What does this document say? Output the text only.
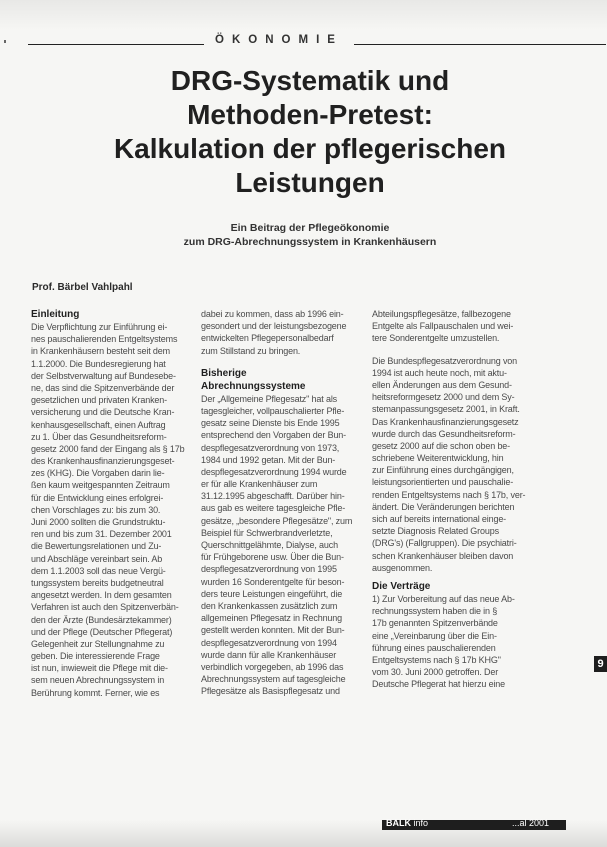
ÖKONOMIE
DRG-Systematik und
Methoden-Pretest:
Kalkulation der pflegerischen
Leistungen
Ein Beitrag der Pflegeökonomie
zum DRG-Abrechnungssystem in Krankenhäusern
Prof. Bärbel Vahlpahl
Einleitung
Die Verpflichtung zur Einführung ei-
nes pauschalierenden Entgeltsystems
in Krankenhäusern besteht seit dem
1.1.2000. Die Bundesregierung hat
der Selbstverwaltung auf Bundesebe-
ne, das sind die Spitzenverbände der
gesetzlichen und privaten Kranken-
versicherung und die Deutsche Kran-
kenhausgesellschaft, einen Auftrag
zu 1. Über das Gesundheitsreform-
gesetz 2000 fand der Eingang als § 17b
des Krankenhausfinanzierungsgeset-
zes (KHG). Die Vorgaben darin lie-
ßen kaum weitgespannten Zeitraum
für die Entwicklung eines erfolgrei-
chen Vorschlages zu: bis zum 30.
Juni 2000 sollten die Grundstruktu-
ren und bis zum 31. Dezember 2001
die Bewertungsrelationen und Zu-
und Abschläge vereinbart sein. Ab
dem 1.1.2003 soll das neue Vergü-
tungssystem bereits budgetneutral
angesetzt werden. In dem gesamten
Verfahren ist auch den Spitzenverbän-
den der Ärzte (Bundesärztekammer)
und der Pflege (Deutscher Pflegerat)
Gelegenheit zur Stellungnahme zu
geben. Die interessierende Frage
ist nun, inwieweit die Pflege mit die-
sem neuen Abrechnungssystem in
Berührung kommt. Ferner, wie es
dabei zu kommen, dass ab 1996 ein-
gesondert und der leistungsbezogene
entwickelten Pflegepersonalbedarf
zum Stillstand zu bringen.
Bisherige
Abrechnungssysteme
Der „Allgemeine Pflegesatz" hat als
tagesgleicher, vollpauschalierter Pfle-
gesatz seine Dienste bis Ende 1995
entsprechend den Vorgaben der Bun-
despflegesatzverordnung von 1973,
1984 und 1992 getan. Mit der Bun-
despflegesatzverordnung 1994 wurde
er für alle Krankenhäuser zum
31.12.1995 abgeschafft. Darüber hin-
aus gab es weitere tagesgleiche Pfle-
gesätze, „besondere Pflegesätze", zum
Beispiel für Schwerbrandverletzte,
Querschnittgelähmte, Dialyse, auch
für Frühgeborene usw. Über die Bun-
despflegesatzverordnung von 1995
wurden 16 Sonderentgelte für beson-
ders teure Leistungen eingeführt, die
den Krankenkassen zusätzlich zum
allgemeinen Pflegesatz in Rechnung
gestellt werden konnten. Mit der Bun-
despflegesatzverordnung von 1994
wurde dann für alle Krankenhäuser
verbindlich vorgegeben, ab 1996 das
Abrechnungssystem auf tagesgleiche
Pflegesätze als Basispflegesatz und
Abteilungspflegesätze, fallbezogene
Entgelte als Fallpauschalen und wei-
tere Sonderentgelte umzustellen.
Die Bundespflegesatzverordnung von
1994 ist auch heute noch, mit aktu-
ellen Änderungen aus dem Gesund-
heitsreformgesetz 2000 und dem Sy-
stemanpassungsgesetz 2001, in Kraft.
Das Krankenhausfinanzierungsgesetz
wurde durch das Gesundheitsreform-
gesetz 2000 auf die schon oben be-
schriebene Weiterentwicklung, hin
zur Einführung eines durchgängigen,
leistungsorientierten und pauschalie-
renden Entgeltsystems nach § 17b, ver-
ändert. Die Veränderungen berichten
sich auf bereits international einge-
setzte Diagnosis Related Groups
(DRG's) (Fallgruppen). Die psychiatri-
schen Krankenhäuser bleiben davon
ausgenommen.
Die Verträge
1) Zur Vorbereitung auf das neue Ab-
rechnungssystem haben die in §
17b genannten Spitzenverbände
eine „Vereinbarung über die Ein-
führung eines pauschalierenden
Entgeltsystems nach § 17b KHG"
vom 30. Juni 2000 getroffen. Der
Deutsche Pflegerat hat hierzu eine
9
BALK info	...al 2001
